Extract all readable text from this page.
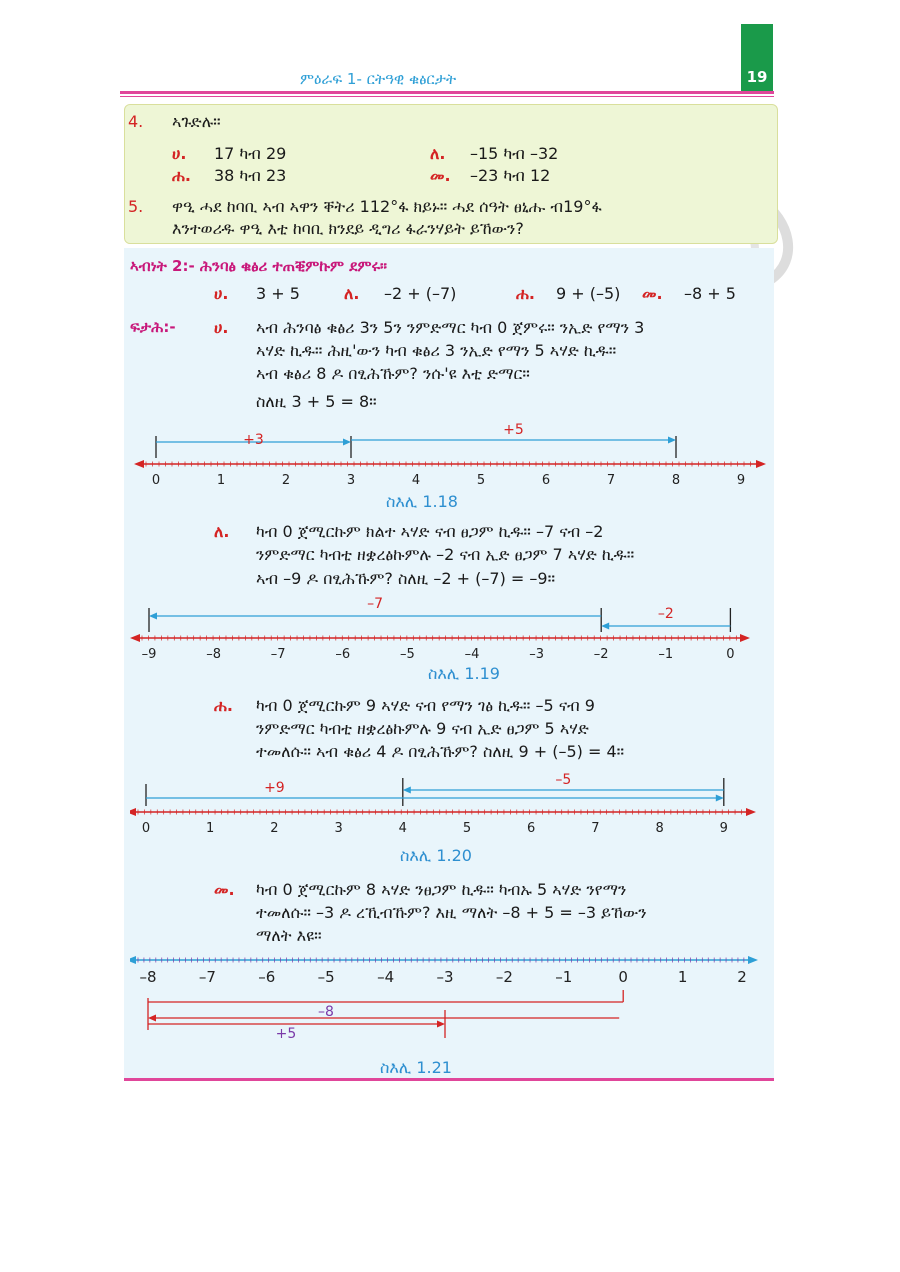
19
ምዕራፍ 1- ርትዓዊ ቁፅርታት
4. ኣጉድሉ።
ሀ. 17 ካብ 29	ለ. –15 ካብ –32
ሐ. 38 ካብ 23	መ. –23 ካብ 12
5. ዋዒ ሓደ ከባቢ ኣብ ኣዋን ቐትሪ 112°ፋ ክይኑ። ሓደ ሰዓት ፀኒሑ ብ19°ፋ
እንተወሪዱ ዋዒ እቲ ከባቢ ክንደይ ዲግሪ ፋራንሃይት ይኸውን?
ኣብነት 2:- ሕንባፅ ቁፅሪ ተጠቒምኩም ደምሩ።
ሀ. 3 + 5	ለ. –2 + (–7)	ሐ. 9 + (–5) መ. –8 + 5
ፍታሕ:- ሀ. ኣብ ሕንባፅ ቁፅሪ 3ን 5ን ንምድማር ካብ 0 ጀምሩ። ንኢድ የማን 3
ኣሃድ ኪዱ። ሕዚ'ውን ካብ ቁፅሪ 3 ንኢድ የማን 5 ኣሃድ ኪዱ።
ኣብ ቁፅሪ 8 ዶ በፂሕኹም? ንሱ'ዩ እቲ ድማር።
ስለዚ 3 + 5 = 8።
0	1	2	3	4	5	6	7	8	9
+3
+5
ስእሊ 1.18
ለ. ካብ 0 ጀሚርኩም ክልተ ኣሃድ ናብ ፀጋም ኪዱ። –7 ናብ –2
ንምድማር ካብቲ ዘቋረፅኩምሉ –2 ናብ ኢድ ፀጋም 7 ኣሃድ ኪዱ።
ኣብ –9 ዶ በፂሕኹም? ስለዚ –2 + (–7) = –9።
–9	–8	–7	–6	–5	–4	–3	–2	–1	0
–2
–7
ስእሊ 1.19
ሐ. ካብ 0 ጀሚርኩም 9 ኣሃድ ናብ የማን ገፅ ኪዱ። –5 ናብ 9
ንምድማር ካብቲ ዘቋረፅኩምሉ 9 ናብ ኢድ ፀጋም 5 ኣሃድ
ተመለሱ። ኣብ ቁፅሪ 4 ዶ በፂሕኹም? ስለዚ 9 + (–5) = 4።
0	1	2	3	4	5	6	7	8	9
+9	–5
ስእሊ 1.20
መ. ካብ 0 ጀሚርኩም 8 ኣሃድ ንፀጋም ኪዱ። ካብኡ 5 ኣሃድ ንየማን
ተመለሱ። –3 ዶ ረኺብኹም? እዚ ማለት –8 + 5 = –3 ይኸውን
ማለት እዩ።
–8	–7	–6	–5	–4	–3	–2	–1	0	1	2
–8
+5
ስእሊ 1.21
